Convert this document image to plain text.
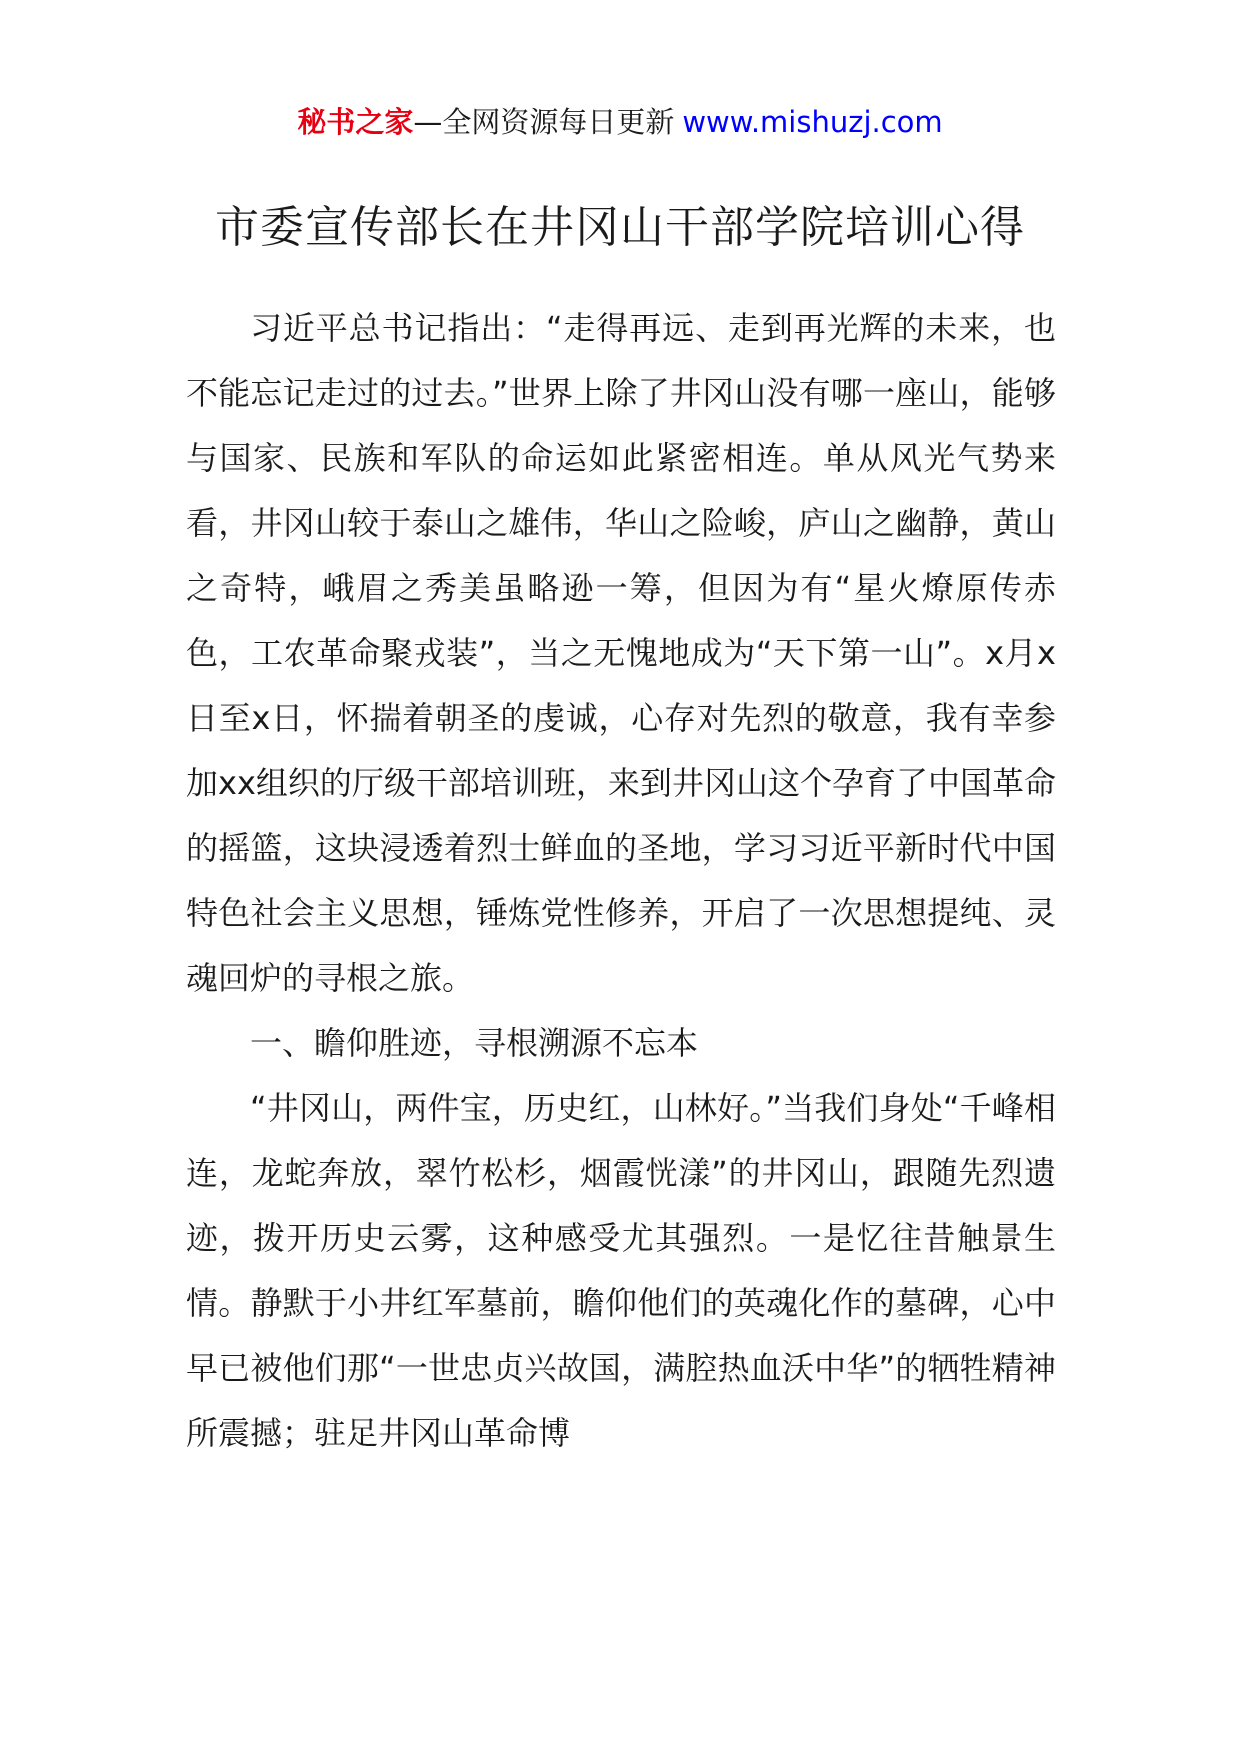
秘书之家—全网资源每日更新 www.mishuzj.com
市委宣传部长在井冈山干部学院培训心得

习近平总书记指出：“走得再远、走到再光辉的未来，也不能忘记走过的过去。”世界上除了井冈山没有哪一座山，能够与国家、民族和军队的命运如此紧密相连。单从风光气势来看，井冈山较于泰山之雄伟，华山之险峻，庐山之幽静，黄山之奇特，峨眉之秀美虽略逊一筹，但因为有“星火燎原传赤色，工农革命聚戎装”，当之无愧地成为“天下第一山”。x月x日至x日，怀揣着朝圣的虔诚，心存对先烈的敬意，我有幸参加xx组织的厅级干部培训班，来到井冈山这个孕育了中国革命的摇篮，这块浸透着烈士鲜血的圣地，学习习近平新时代中国特色社会主义思想，锤炼党性修养，开启了一次思想提纯、灵魂回炉的寻根之旅。

一、瞻仰胜迹，寻根溯源不忘本

“井冈山，两件宝，历史红，山林好。”当我们身处“千峰相连，龙蛇奔放，翠竹松杉，烟霞恍漾”的井冈山，跟随先烈遗迹，拨开历史云雾，这种感受尤其强烈。一是忆往昔触景生情。静默于小井红军墓前，瞻仰他们的英魂化作的墓碑，心中早已被他们那“一世忠贞兴故国，满腔热血沃中华”的牺牲精神所震撼；驻足井冈山革命博
